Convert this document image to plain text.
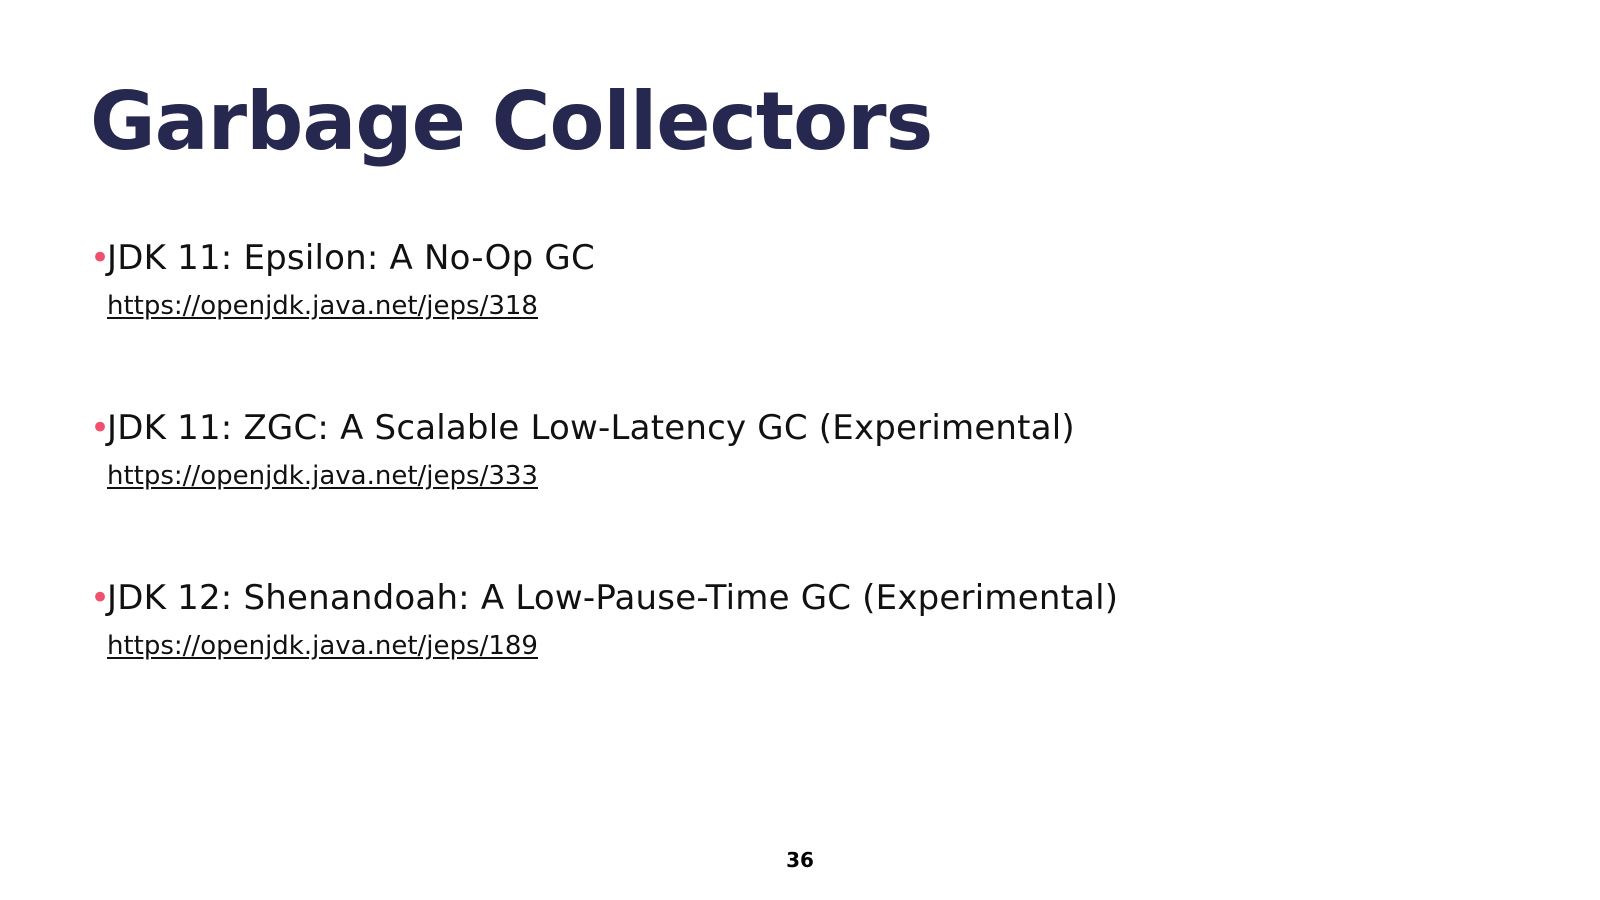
Garbage Collectors
•
JDK 11: Epsilon: A No-Op GC
https://openjdk.java.net/jeps/318
•
JDK 11: ZGC: A Scalable Low-Latency GC (Experimental)
https://openjdk.java.net/jeps/333
•
JDK 12: Shenandoah: A Low-Pause-Time GC (Experimental)
https://openjdk.java.net/jeps/189
36
